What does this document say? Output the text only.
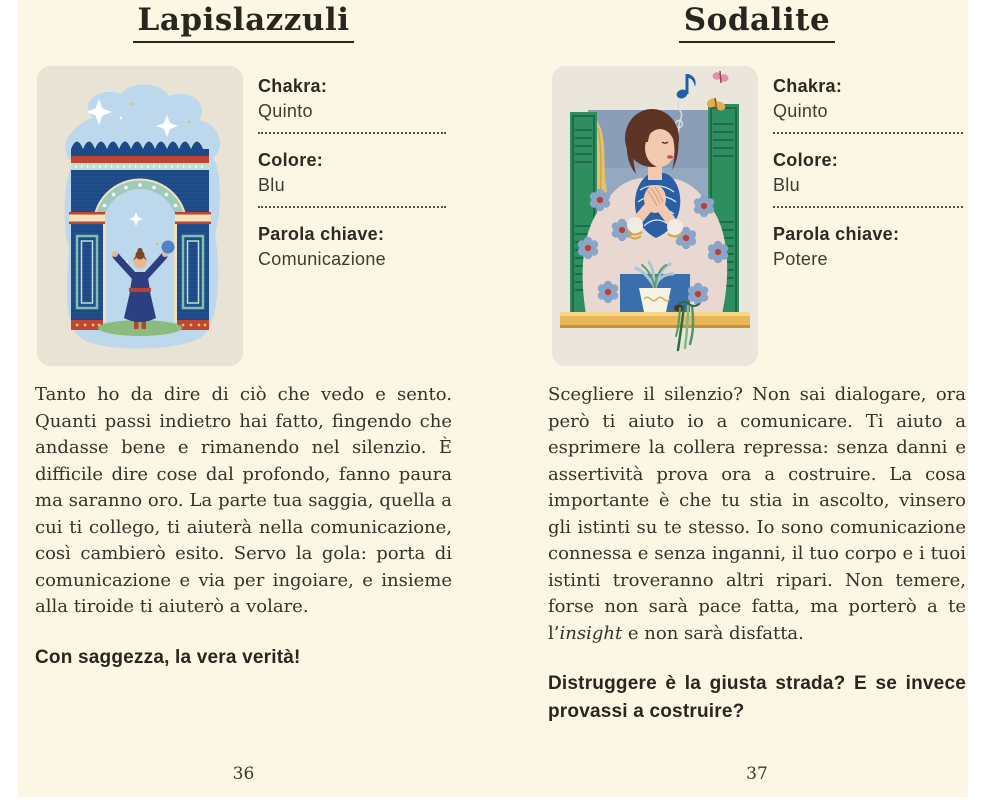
Lapislazzuli
Chakra:
Quinto
Colore:
Blu
Parola chiave:
Comunicazione
Tanto ho da dire di ciò che vedo e sento. Quanti passi indietro hai fatto, fingendo che andasse bene e rimanendo nel silenzio. È difficile dire cose dal profondo, fanno paura ma saranno oro. La parte tua saggia, quella a cui ti collego, ti aiuterà nella comunicazione, così cambierò esito. Servo la gola: porta di comunicazione e via per ingoiare, e insieme alla tiroide ti aiuterò a volare.
Con saggezza, la vera verità!
36
Sodalite
Chakra:
Quinto
Colore:
Blu
Parola chiave:
Potere
Scegliere il silenzio? Non sai dialogare, ora però ti aiuto io a comunicare. Ti aiuto a esprimere la collera repressa: senza danni e assertività prova ora a costruire. La cosa importante è che tu stia in ascolto, vinsero gli istinti su te stesso. Io sono comunicazione connessa e senza inganni, il tuo corpo e i tuoi istinti troveranno altri ripari. Non temere, forse non sarà pace fatta, ma porterò a te l’insight e non sarà disfatta.
Distruggere è la giusta strada? E se invece provassi a costruire?
37
